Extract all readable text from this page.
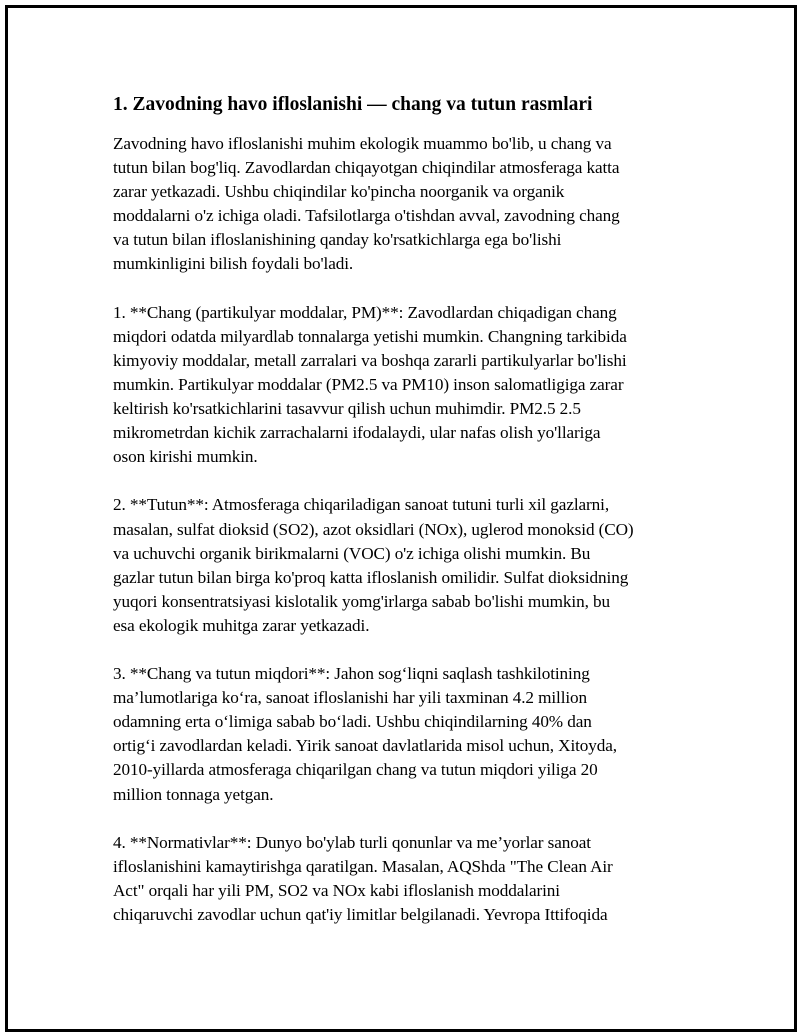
1. Zavodning havo ifloslanishi — chang va tutun rasmlari

Zavodning havo ifloslanishi muhim ekologik muammo bo'lib, u chang va
tutun bilan bog'liq. Zavodlardan chiqayotgan chiqindilar atmosferaga katta
zarar yetkazadi. Ushbu chiqindilar ko'pincha noorganik va organik
moddalarni o'z ichiga oladi. Tafsilotlarga o'tishdan avval, zavodning chang
va tutun bilan ifloslanishining qanday ko'rsatkichlarga ega bo'lishi
mumkinligini bilish foydali bo'ladi.

1. **Chang (partikulyar moddalar, PM)**: Zavodlardan chiqadigan chang
miqdori odatda milyardlab tonnalarga yetishi mumkin. Changning tarkibida
kimyoviy moddalar, metall zarralari va boshqa zararli partikulyarlar bo'lishi
mumkin. Partikulyar moddalar (PM2.5 va PM10) inson salomatligiga zarar
keltirish ko'rsatkichlarini tasavvur qilish uchun muhimdir. PM2.5 2.5
mikrometrdan kichik zarrachalarni ifodalaydi, ular nafas olish yo'llariga
oson kirishi mumkin.

2. **Tutun**: Atmosferaga chiqariladigan sanoat tutuni turli xil gazlarni,
masalan, sulfat dioksid (SO2), azot oksidlari (NOx), uglerod monoksid (CO)
va uchuvchi organik birikmalarni (VOC) o'z ichiga olishi mumkin. Bu
gazlar tutun bilan birga ko'proq katta ifloslanish omilidir. Sulfat dioksidning
yuqori konsentratsiyasi kislotalik yomg'irlarga sabab bo'lishi mumkin, bu
esa ekologik muhitga zarar yetkazadi.

3. **Chang va tutun miqdori**: Jahon sog‘liqni saqlash tashkilotining
ma’lumotlariga ko‘ra, sanoat ifloslanishi har yili taxminan 4.2 million
odamning erta o‘limiga sabab bo‘ladi. Ushbu chiqindilarning 40% dan
ortig‘i zavodlardan keladi. Yirik sanoat davlatlarida misol uchun, Xitoyda,
2010-yillarda atmosferaga chiqarilgan chang va tutun miqdori yiliga 20
million tonnaga yetgan.

4. **Normativlar**: Dunyo bo'ylab turli qonunlar va me’yorlar sanoat
ifloslanishini kamaytirishga qaratilgan. Masalan, AQShda "The Clean Air
Act" orqali har yili PM, SO2 va NOx kabi ifloslanish moddalarini
chiqaruvchi zavodlar uchun qat'iy limitlar belgilanadi. Yevropa Ittifoqida
